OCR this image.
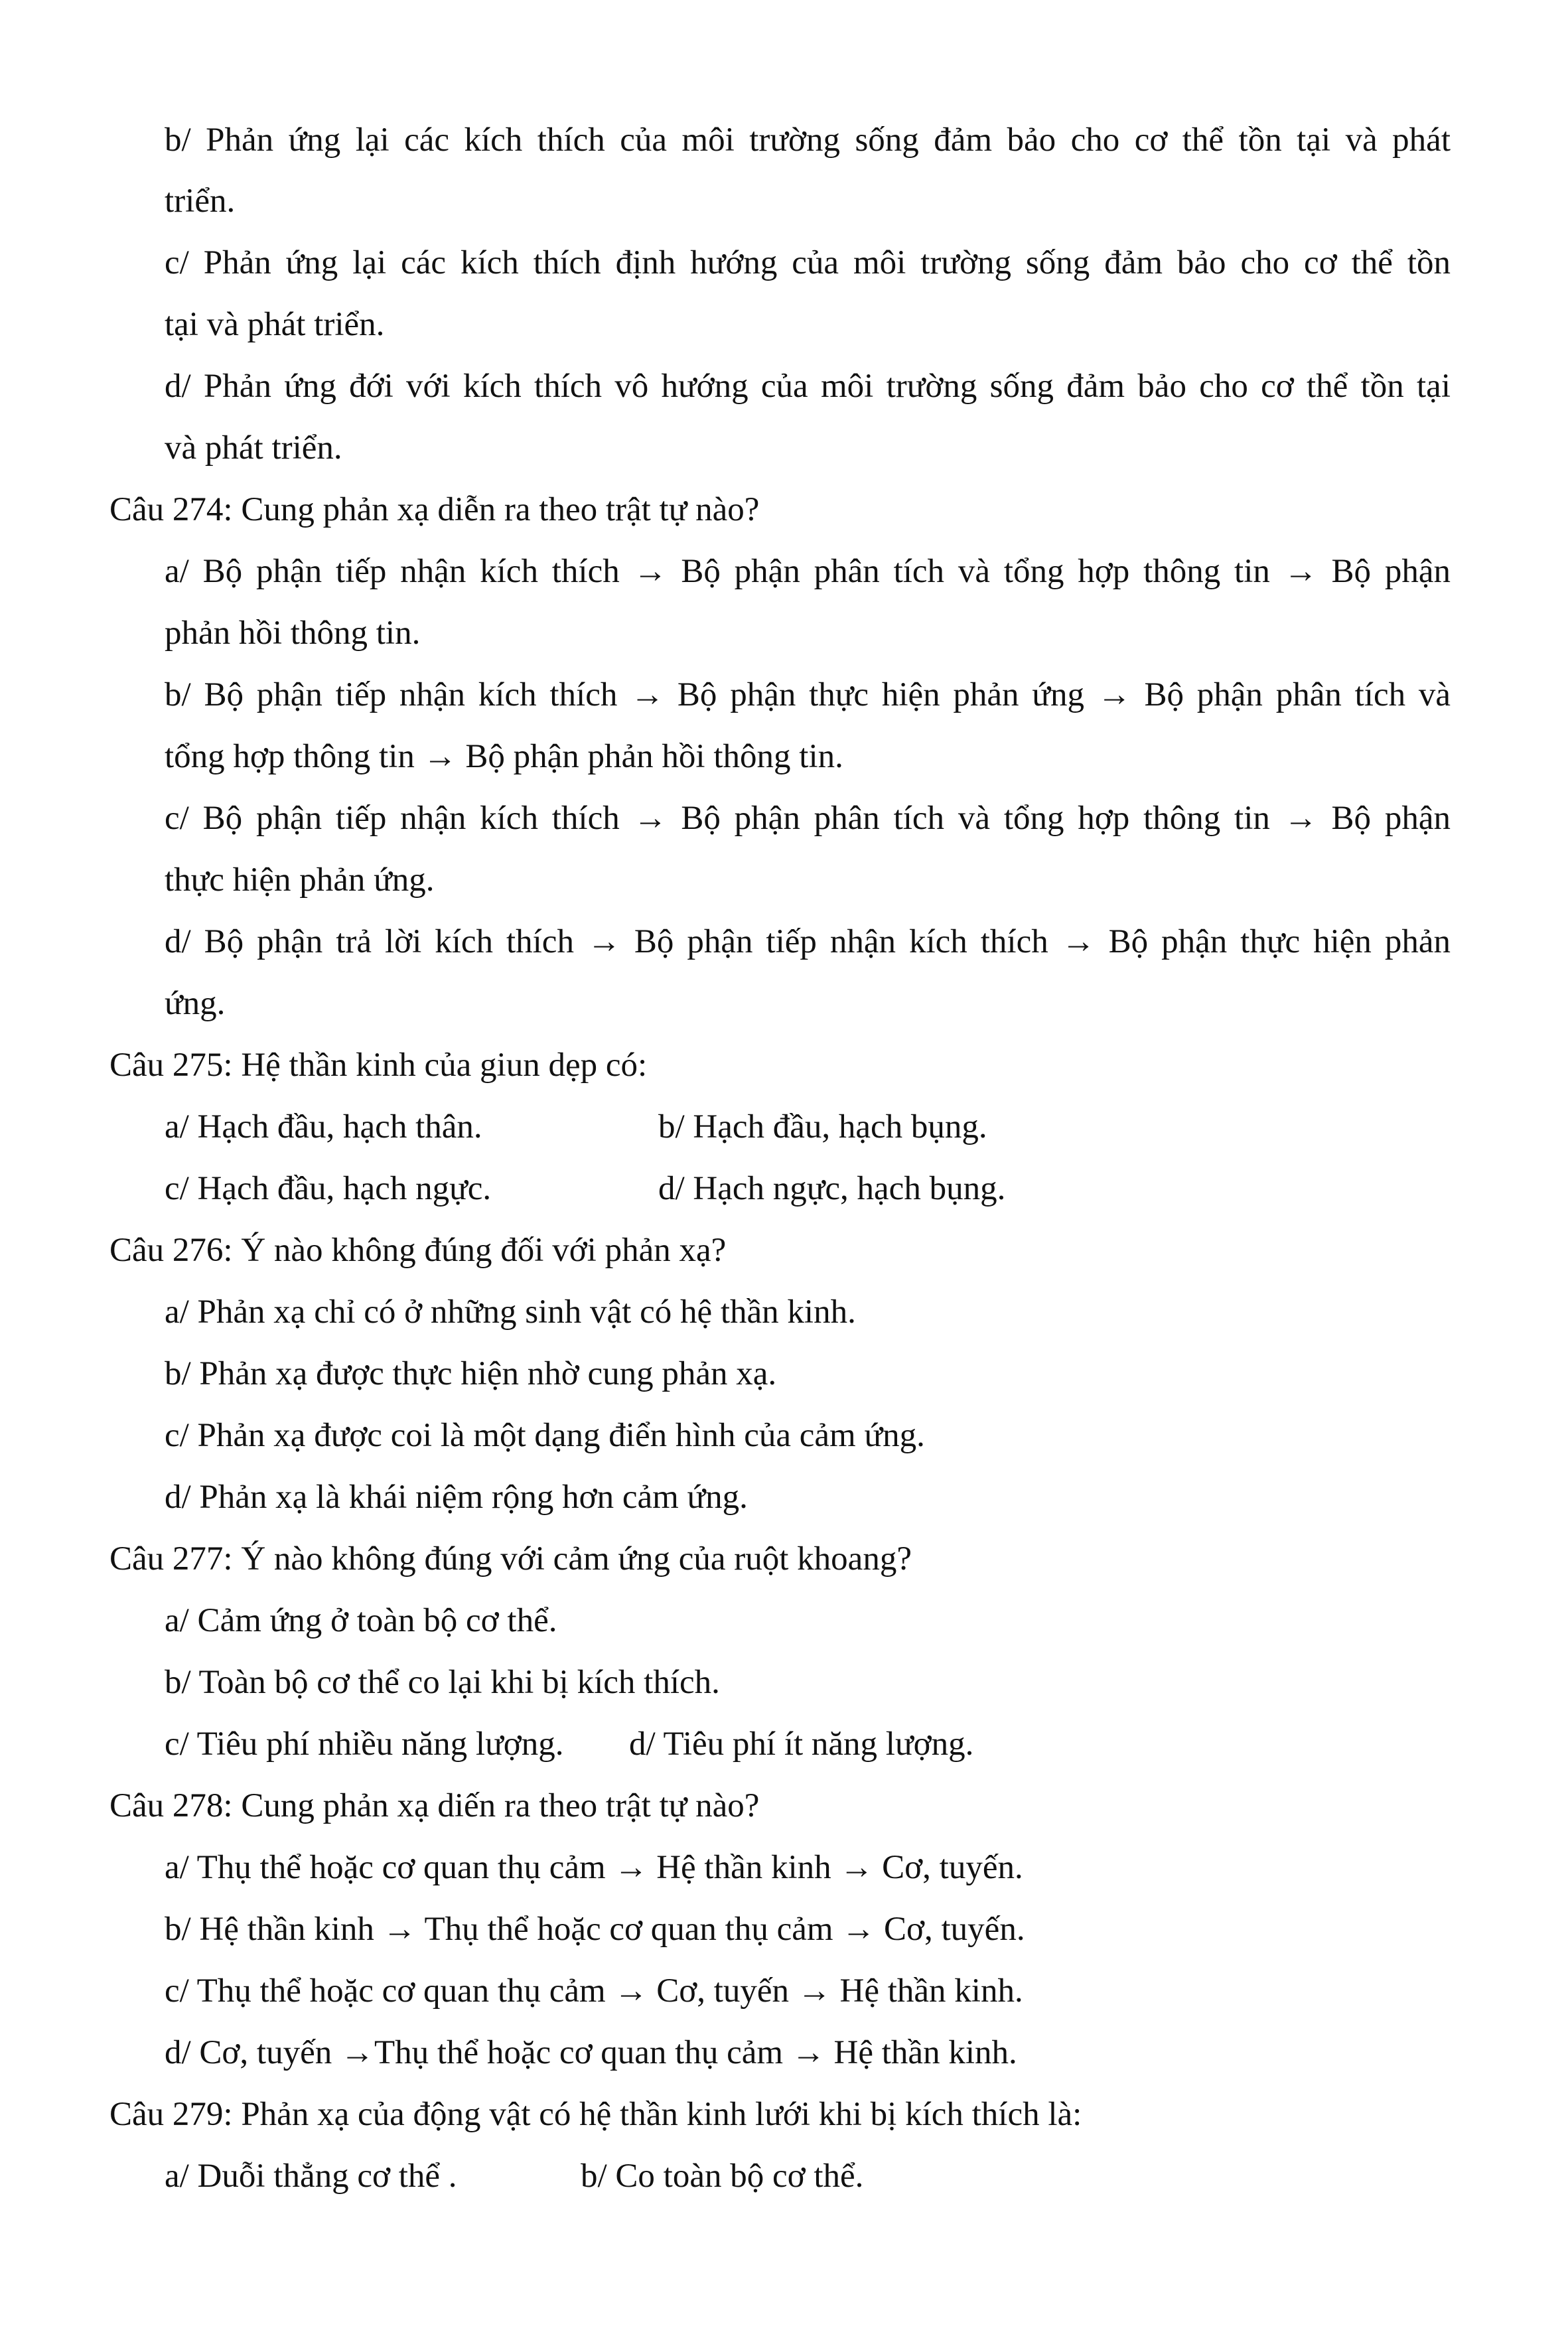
b/ Phản ứng lại các kích thích của môi trường sống đảm bảo cho cơ thể tồn tại và phát
triển.
c/ Phản ứng lại các kích thích định hướng của môi trường sống đảm bảo cho cơ thể tồn
tại và phát triển.
d/ Phản ứng đới với kích thích vô hướng của môi trường sống đảm bảo cho cơ thể tồn tại
và phát triển.
Câu 274: Cung phản xạ diễn ra theo trật tự nào?
a/ Bộ phận tiếp nhận kích thích → Bộ phận phân tích và tổng hợp thông tin → Bộ phận
phản hồi thông tin.
b/ Bộ phận tiếp nhận kích thích → Bộ phận thực hiện phản ứng → Bộ phận phân tích và
tổng hợp thông tin → Bộ phận phản hồi thông tin.
c/ Bộ phận tiếp nhận kích thích → Bộ phận phân tích và tổng hợp thông tin → Bộ phận
thực hiện phản ứng.
d/ Bộ phận trả lời kích thích → Bộ phận tiếp nhận kích thích → Bộ phận thực hiện phản
ứng.
Câu 275: Hệ thần kinh của giun dẹp có:
a/ Hạch đầu, hạch thân.	b/ Hạch đầu, hạch bụng.
c/ Hạch đầu, hạch ngực.	d/ Hạch ngực, hạch bụng.
Câu 276: Ý nào không đúng đối với phản xạ?
a/ Phản xạ chỉ có ở những sinh vật có hệ thần kinh.
b/ Phản xạ được thực hiện nhờ cung phản xạ.
c/ Phản xạ được coi là một dạng điển hình của cảm ứng.
d/ Phản xạ là khái niệm rộng hơn cảm ứng.
Câu 277: Ý nào không đúng với cảm ứng của ruột khoang?
a/ Cảm ứng ở toàn bộ cơ thể.
b/ Toàn bộ cơ thể co lại khi bị kích thích.
c/ Tiêu phí nhiều năng lượng. d/ Tiêu phí ít năng lượng.
Câu 278: Cung phản xạ diến ra theo trật tự nào?
a/ Thụ thể hoặc cơ quan thụ cảm → Hệ thần kinh → Cơ, tuyến.
b/ Hệ thần kinh → Thụ thể hoặc cơ quan thụ cảm → Cơ, tuyến.
c/ Thụ thể hoặc cơ quan thụ cảm → Cơ, tuyến → Hệ thần kinh.
d/ Cơ, tuyến →Thụ thể hoặc cơ quan thụ cảm → Hệ thần kinh.
Câu 279: Phản xạ của động vật có hệ thần kinh lưới khi bị kích thích là:
a/ Duỗi thẳng cơ thể .	b/ Co toàn bộ cơ thể.
